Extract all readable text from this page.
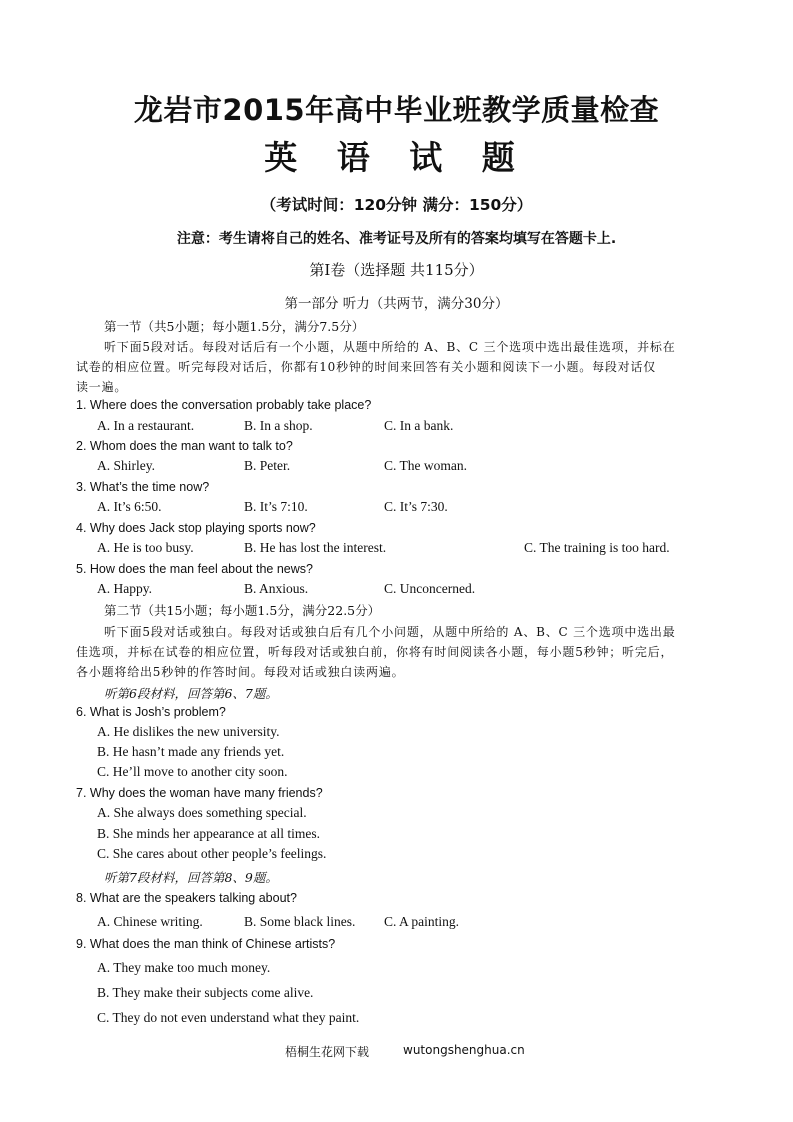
龙岩市2015年高中毕业班教学质量检查
英 语 试 题
（考试时间：120分钟 满分：150分）
注意：考生请将自己的姓名、准考证号及所有的答案均填写在答题卡上.
第Ⅰ卷（选择题 共115分）
第一部分 听力（共两节，满分30分）
第一节（共5小题；每小题1.5分，满分7.5分）
听下面5段对话。每段对话后有一个小题，从题中所给的 A、B、C 三个选项中选出最佳选项，并标在
试卷的相应位置。听完每段对话后，你都有10秒钟的时间来回答有关小题和阅读下一小题。每段对话仅
读一遍。
1. Where does the conversation probably take place?
A. In a restaurant.	B. In a shop.	C. In a bank.
2. Whom does the man want to talk to?
A. Shirley.	B. Peter.	C. The woman.
3. What’s the time now?
A. It’s 6:50.	B. It’s 7:10.	C. It’s 7:30.
4. Why does Jack stop playing sports now?
A. He is too busy.	B. He has lost the interest.	C. The training is too hard.
5. How does the man feel about the news?
A. Happy.	B. Anxious.	C. Unconcerned.
第二节（共15小题；每小题1.5分，满分22.5分）
听下面5段对话或独白。每段对话或独白后有几个小问题，从题中所给的 A、B、C 三个选项中选出最
佳选项，并标在试卷的相应位置，听每段对话或独白前，你将有时间阅读各小题，每小题5秒钟；听完后，
各小题将给出5秒钟的作答时间。每段对话或独白读两遍。
听第6段材料，回答第6、7题。
6. What is Josh’s problem?
A. He dislikes the new university.
B. He hasn’t made any friends yet.
C. He’ll move to another city soon.
7. Why does the woman have many friends?
A. She always does something special.
B. She minds her appearance at all times.
C. She cares about other people’s feelings.
听第7段材料，回答第8、9题。
8. What are the speakers talking about?
A. Chinese writing.	B. Some black lines. C. A painting.
9. What does the man think of Chinese artists?
A. They make too much money.
B. They make their subjects come alive.
C. They do not even understand what they paint.
梧桐生花网下载	wutongshenghua.cn
